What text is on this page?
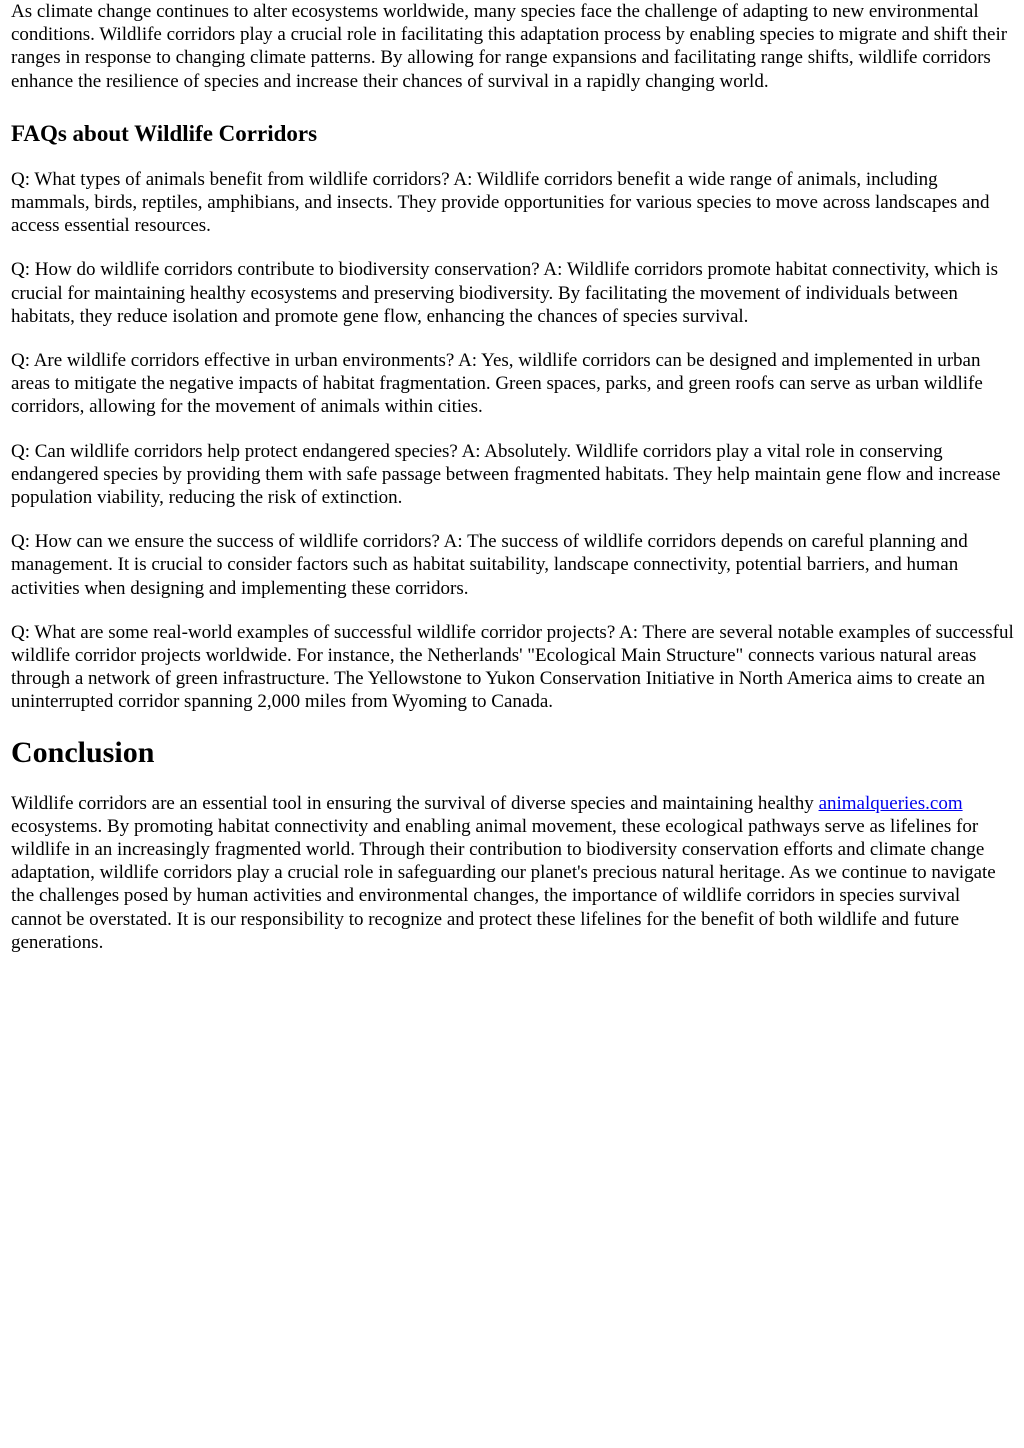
As climate change continues to alter ecosystems worldwide, many species face the challenge of adapting to new environmental conditions. Wildlife corridors play a crucial role in facilitating this adaptation process by enabling species to migrate and shift their ranges in response to changing climate patterns. By allowing for range expansions and facilitating range shifts, wildlife corridors enhance the resilience of species and increase their chances of survival in a rapidly changing world.

FAQs about Wildlife Corridors

Q: What types of animals benefit from wildlife corridors? A: Wildlife corridors benefit a wide range of animals, including mammals, birds, reptiles, amphibians, and insects. They provide opportunities for various species to move across landscapes and access essential resources.

Q: How do wildlife corridors contribute to biodiversity conservation? A: Wildlife corridors promote habitat connectivity, which is crucial for maintaining healthy ecosystems and preserving biodiversity. By facilitating the movement of individuals between habitats, they reduce isolation and promote gene flow, enhancing the chances of species survival.

Q: Are wildlife corridors effective in urban environments? A: Yes, wildlife corridors can be designed and implemented in urban areas to mitigate the negative impacts of habitat fragmentation. Green spaces, parks, and green roofs can serve as urban wildlife corridors, allowing for the movement of animals within cities.

Q: Can wildlife corridors help protect endangered species? A: Absolutely. Wildlife corridors play a vital role in conserving endangered species by providing them with safe passage between fragmented habitats. They help maintain gene flow and increase population viability, reducing the risk of extinction.

Q: How can we ensure the success of wildlife corridors? A: The success of wildlife corridors depends on careful planning and management. It is crucial to consider factors such as habitat suitability, landscape connectivity, potential barriers, and human activities when designing and implementing these corridors.

Q: What are some real-world examples of successful wildlife corridor projects? A: There are several notable examples of successful wildlife corridor projects worldwide. For instance, the Netherlands' "Ecological Main Structure" connects various natural areas through a network of green infrastructure. The Yellowstone to Yukon Conservation Initiative in North America aims to create an uninterrupted corridor spanning 2,000 miles from Wyoming to Canada.

Conclusion

Wildlife corridors are an essential tool in ensuring the survival of diverse species and maintaining healthy animalqueries.com ecosystems. By promoting habitat connectivity and enabling animal movement, these ecological pathways serve as lifelines for wildlife in an increasingly fragmented world. Through their contribution to biodiversity conservation efforts and climate change adaptation, wildlife corridors play a crucial role in safeguarding our planet's precious natural heritage. As we continue to navigate the challenges posed by human activities and environmental changes, the importance of wildlife corridors in species survival cannot be overstated. It is our responsibility to recognize and protect these lifelines for the benefit of both wildlife and future generations.
